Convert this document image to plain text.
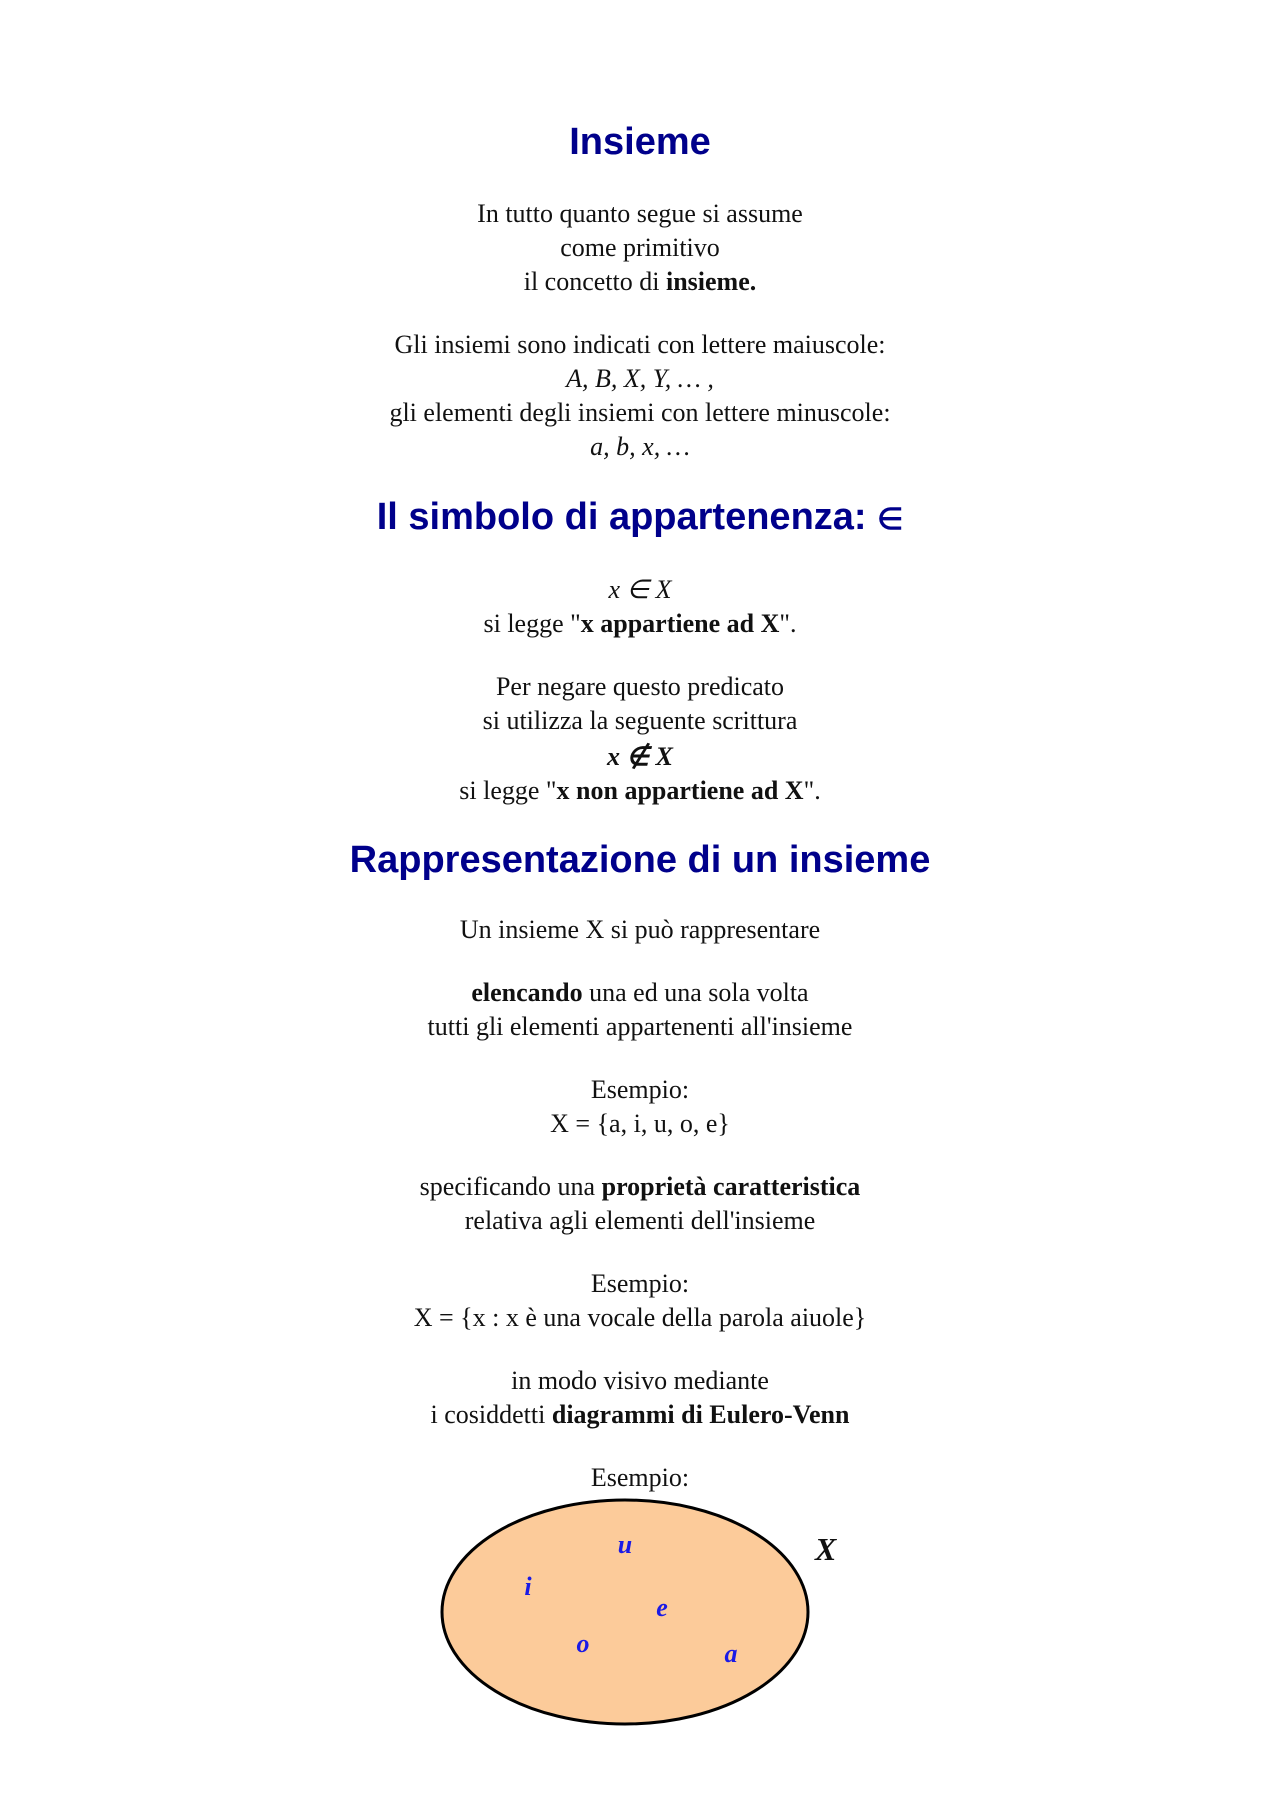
Insieme
In tutto quanto segue si assume
come primitivo
il concetto di insieme.
Gli insiemi sono indicati con lettere maiuscole:
A, B, X, Y, … ,
gli elementi degli insiemi con lettere minuscole:
a, b, x, …
Il simbolo di appartenenza: ∈
x ∈ X
si legge "x appartiene ad X".
Per negare questo predicato
si utilizza la seguente scrittura
x ∉ X
si legge "x non appartiene ad X".
Rappresentazione di un insieme
Un insieme X si può rappresentare
elencando una ed una sola volta
tutti gli elementi appartenenti all'insieme
Esempio:
X = {a, i, u, o, e}
specificando una proprietà caratteristica
relativa agli elementi dell'insieme
Esempio:
X = {x : x è una vocale della parola aiuole}
in modo visivo mediante
i cosiddetti diagrammi di Eulero-Venn
Esempio:
X
u
i
e
o	a
